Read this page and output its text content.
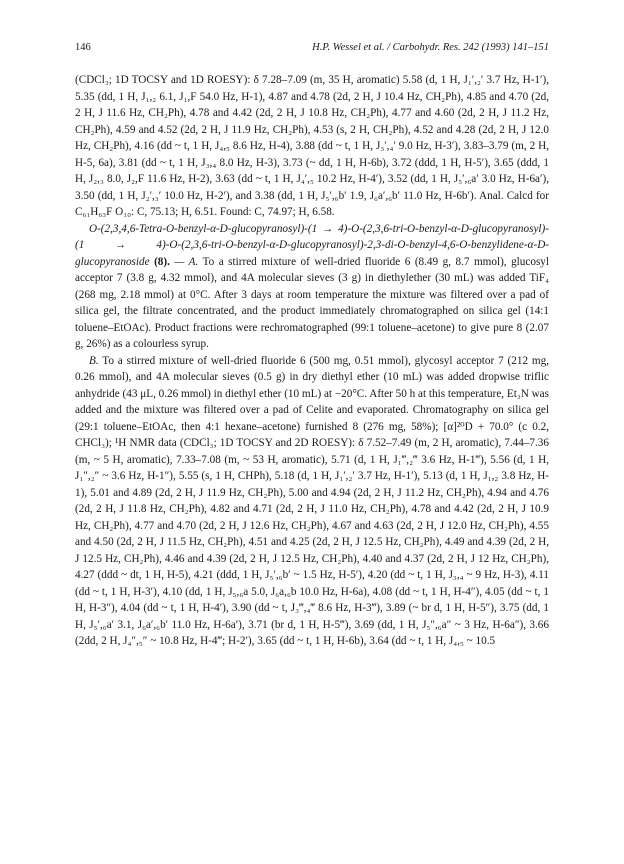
146	H.P. Wessel et al. / Carbohydr. Res. 242 (1993) 141–151

(CDCl₃; 1D TOCSY and 1D ROESY): δ 7.28–7.09 (m, 35 H, aromatic) 5.58 (d, 1 H, J₁′,₂′ 3.7 Hz, H-1′), 5.35 (dd, 1 H, J₁,₂ 6.1, J₁,F 54.0 Hz, H-1), 4.87 and 4.78 (2d, 2 H, J 10.4 Hz, CH₂Ph), 4.85 and 4.70 (2d, 2 H, J 11.6 Hz, CH₂Ph), 4.78 and 4.42 (2d, 2 H, J 10.8 Hz, CH₂Ph), 4.77 and 4.60 (2d, 2 H, J 11.2 Hz, CH₂Ph), 4.59 and 4.52 (2d, 2 H, J 11.9 Hz, CH₂Ph), 4.53 (s, 2 H, CH₂Ph), 4.52 and 4.28 (2d, 2 H, J 12.0 Hz, CH₂Ph), 4.16 (dd ~ t, 1 H, J₄,₅ 8.6 Hz, H-4), 3.88 (dd ~ t, 1 H, J₃′,₄′ 9.0 Hz, H-3′), 3.83–3.79 (m, 2 H, H-5, 6a), 3.81 (dd ~ t, 1 H, J₃,₄ 8.0 Hz, H-3), 3.73 (~ dd, 1 H, H-6b), 3.72 (ddd, 1 H, H-5′), 3.65 (ddd, 1 H, J₂,₃ 8.0, J₂,F 11.6 Hz, H-2), 3.63 (dd ~ t, 1 H, J₄′,₅ 10.2 Hz, H-4′), 3.52 (dd, 1 H, J₅′,₆a′ 3.0 Hz, H-6a′), 3.50 (dd, 1 H, J₂′,₃′ 10.0 Hz, H-2′), and 3.38 (dd, 1 H, J₅′,₆b′ 1.9, J₆a′,₆b′ 11.0 Hz, H-6b′). Anal. Calcd for C₆₁H₆₃F O₁₀: C, 75.13; H, 6.51. Found: C, 74.97; H, 6.58.

O-(2,3,4,6-Tetra-O-benzyl-α-D-glucopyranosyl)-(1 → 4)-O-(2,3,6-tri-O-benzyl-α-D-glucopyranosyl)-(1 → 4)-O-(2,3,6-tri-O-benzyl-α-D-glucopyranosyl)-2,3-di-O-benzyl-4,6-O-benzylidene-α-D-glucopyranoside (8). — A. To a stirred mixture of well-dried fluoride 6 (8.49 g, 8.7 mmol), glucosyl acceptor 7 (3.8 g, 4.32 mmol), and 4A molecular sieves (3 g) in diethylether (30 mL) was added TiF₄ (268 mg, 2.18 mmol) at 0°C. After 3 days at room temperature the mixture was filtered over a pad of silica gel, the filtrate concentrated, and the product immediately chromatographed on silica gel (14:1 toluene–EtOAc). Product fractions were rechromatographed (99:1 toluene–acetone) to give pure 8 (2.07 g, 26%) as a colourless syrup.

B. To a stirred mixture of well-dried fluoride 6 (500 mg, 0.51 mmol), glycosyl acceptor 7 (212 mg, 0.26 mmol), and 4A molecular sieves (0.5 g) in dry diethyl ether (10 mL) was added dropwise triflic anhydride (43 μL, 0.26 mmol) in diethyl ether (10 mL) at −20°C. After 50 h at this temperature, Et₃N was added and the mixture was filtered over a pad of Celite and evaporated. Chromatography on silica gel (29:1 toluene–EtOAc, then 4:1 hexane–acetone) furnished 8 (276 mg, 58%); [α]²⁰D + 70.0° (c 0.2, CHCl₃); ¹H NMR data (CDCl₃; 1D TOCSY and 2D ROESY): δ 7.52–7.49 (m, 2 H, aromatic), 7.44–7.36 (m, ~ 5 H, aromatic), 7.33–7.08 (m, ~ 53 H, aromatic), 5.71 (d, 1 H, J₁‴,₂‴ 3.6 Hz, H-1‴), 5.56 (d, 1 H, J₁″,₂″ ~ 3.6 Hz, H-1″), 5.55 (s, 1 H, CHPh), 5.18 (d, 1 H, J₁′,₂′ 3.7 Hz, H-1′), 5.13 (d, 1 H, J₁,₂ 3.8 Hz, H-1), 5.01 and 4.89 (2d, 2 H, J 11.9 Hz, CH₂Ph), 5.00 and 4.94 (2d, 2 H, J 11.2 Hz, CH₂Ph), 4.94 and 4.76 (2d, 2 H, J 11.8 Hz, CH₂Ph), 4.82 and 4.71 (2d, 2 H, J 11.0 Hz, CH₂Ph), 4.78 and 4.42 (2d, 2 H, J 10.9 Hz, CH₂Ph), 4.77 and 4.70 (2d, 2 H, J 12.6 Hz, CH₂Ph), 4.67 and 4.63 (2d, 2 H, J 12.0 Hz, CH₂Ph), 4.55 and 4.50 (2d, 2 H, J 11.5 Hz, CH₂Ph), 4.51 and 4.25 (2d, 2 H, J 12.5 Hz, CH₂Ph), 4.49 and 4.39 (2d, 2 H, J 12.5 Hz, CH₂Ph), 4.46 and 4.39 (2d, 2 H, J 12.5 Hz, CH₂Ph), 4.40 and 4.37 (2d, 2 H, J 12 Hz, CH₂Ph), 4.27 (ddd ~ dt, 1 H, H-5), 4.21 (ddd, 1 H, J₅′,₆b′ ~ 1.5 Hz, H-5′), 4.20 (dd ~ t, 1 H, J₃,₄ ~ 9 Hz, H-3), 4.11 (dd ~ t, 1 H, H-3′), 4.10 (dd, 1 H, J₅,₆a 5.0, J₆a,₆b 10.0 Hz, H-6a), 4.08 (dd ~ t, 1 H, H-4″), 4.05 (dd ~ t, 1 H, H-3″), 4.04 (dd ~ t, 1 H, H-4′), 3.90 (dd ~ t, J₃‴,₄‴ 8.6 Hz, H-3‴), 3.89 (~ br d, 1 H, H-5″), 3.75 (dd, 1 H, J₅′,₆a′ 3.1, J₆a′,₆b′ 11.0 Hz, H-6a′), 3.71 (br d, 1 H, H-5‴), 3.69 (dd, 1 H, J₅″,₆a″ ~ 3 Hz, H-6a″), 3.66 (2dd, 2 H, J₄″,₅″ ~ 10.8 Hz, H-4‴; H-2′), 3.65 (dd ~ t, 1 H, H-6b), 3.64 (dd ~ t, 1 H, J₄,₅ ~ 10.5
